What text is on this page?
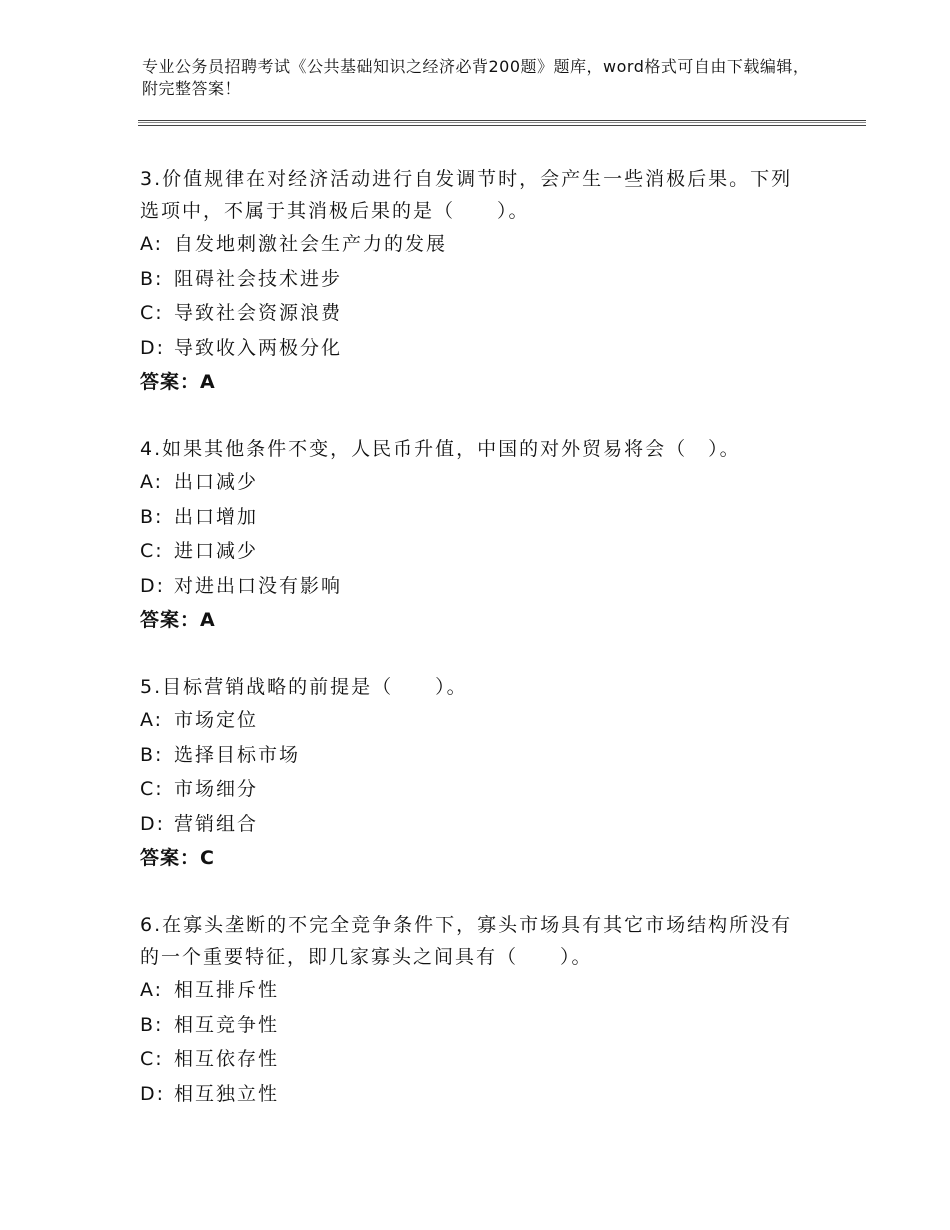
专业公务员招聘考试《公共基础知识之经济必背200题》题库，word格式可自由下载编辑，附完整答案！
3.价值规律在对经济活动进行自发调节时，会产生一些消极后果。下列选项中，不属于其消极后果的是（　　）。
A: 自发地刺激社会生产力的发展
B: 阻碍社会技术进步
C: 导致社会资源浪费
D: 导致收入两极分化
答案：A
4.如果其他条件不变，人民币升值，中国的对外贸易将会（　）。
A: 出口减少
B: 出口增加
C: 进口减少
D: 对进出口没有影响
答案：A
5.目标营销战略的前提是（　　）。
A: 市场定位
B: 选择目标市场
C: 市场细分
D: 营销组合
答案：C
6.在寡头垄断的不完全竞争条件下，寡头市场具有其它市场结构所没有的一个重要特征，即几家寡头之间具有（　　）。
A: 相互排斥性
B: 相互竞争性
C: 相互依存性
D: 相互独立性
